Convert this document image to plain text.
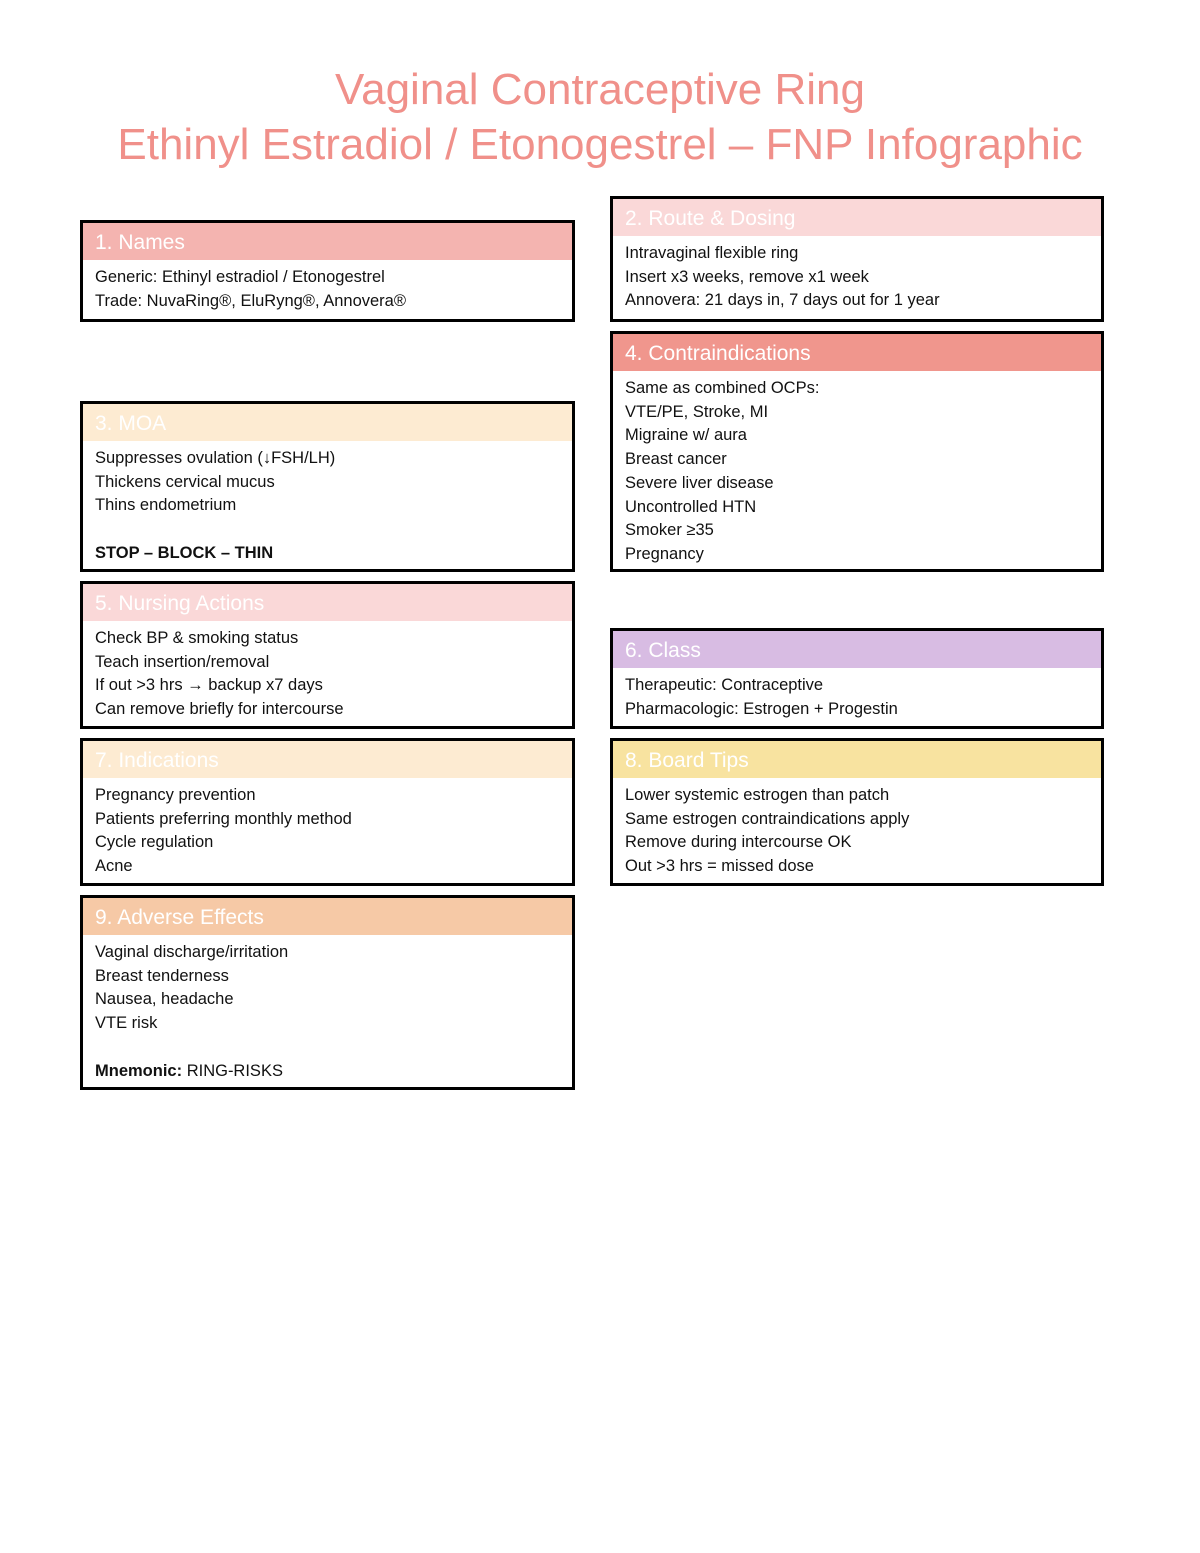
Vaginal Contraceptive Ring
Ethinyl Estradiol / Etonogestrel – FNP Infographic
1. Names
Generic: Ethinyl estradiol / Etonogestrel
Trade: NuvaRing®, EluRyng®, Annovera®
2. Route & Dosing
Intravaginal flexible ring
Insert x3 weeks, remove x1 week
Annovera: 21 days in, 7 days out for 1 year
3. MOA
Suppresses ovulation (↓FSH/LH)
Thickens cervical mucus
Thins endometrium
STOP – BLOCK – THIN
4. Contraindications
Same as combined OCPs:
VTE/PE, Stroke, MI
Migraine w/ aura
Breast cancer
Severe liver disease
Uncontrolled HTN
Smoker ≥35
Pregnancy
5. Nursing Actions
Check BP & smoking status
Teach insertion/removal
If out >3 hrs → backup x7 days
Can remove briefly for intercourse
6. Class
Therapeutic: Contraceptive
Pharmacologic: Estrogen + Progestin
7. Indications
Pregnancy prevention
Patients preferring monthly method
Cycle regulation
Acne
8. Board Tips
Lower systemic estrogen than patch
Same estrogen contraindications apply
Remove during intercourse OK
Out >3 hrs = missed dose
9. Adverse Effects
Vaginal discharge/irritation
Breast tenderness
Nausea, headache
VTE risk
Mnemonic: RING-RISKS
